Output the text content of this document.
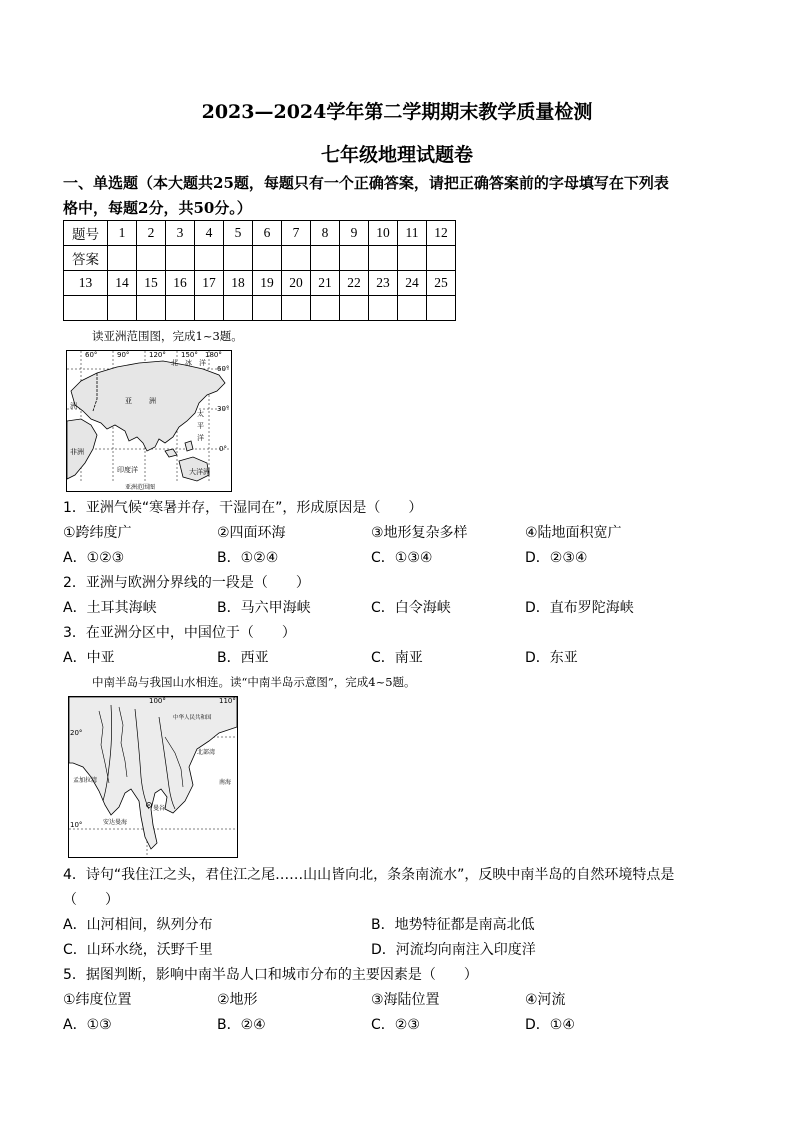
2023—2024学年第二学期期末教学质量检测
七年级地理试题卷
一、单选题（本大题共25题，每题只有一个正确答案，请把正确答案前的字母填写在下列表
格中，每题2分，共50分。）
题号	1	2	3	4	5	6	7	8	9	10	11	12
答案												
13	14	15	16	17	18	19	20	21	22	23	24	25

读亚洲范围图，完成1~3题。
60°	90°	120° 150° 180°
60°
30°
0°
北 冰 洋
亚 洲
太
平
洋
非洲
印度洋	大洋洲
洲
亚洲范围图
1．亚洲气候“寒暑并存，干湿同在”，形成原因是（　　）
①跨纬度广	②四面环海	③地形复杂多样	④陆地面积宽广
A．①②③	B．①②④	C．①③④	D．②③④
2．亚洲与欧洲分界线的一段是（　　）
A．土耳其海峡	B．马六甲海峡	C．白令海峡	D．直布罗陀海峡
3．在亚洲分区中，中国位于（　　）
A．中亚	B．西亚	C．南亚	D．东亚
中南半岛与我国山水相连。读“中南半岛示意图”，完成4~5题。
100°	110°
20°
10°
中华人民共和国
孟加拉湾
曼谷
安达曼海
南海
北部湾
4．诗句“我住江之头，君住江之尾……山山皆向北，条条南流水”，反映中南半岛的自然环境特点是
（　　）
A．山河相间，纵列分布	B．地势特征都是南高北低
C．山环水绕，沃野千里	D．河流均向南注入印度洋
5．据图判断，影响中南半岛人口和城市分布的主要因素是（　　）
①纬度位置	②地形	③海陆位置	④河流
A．①③	B．②④	C．②③	D．①④
